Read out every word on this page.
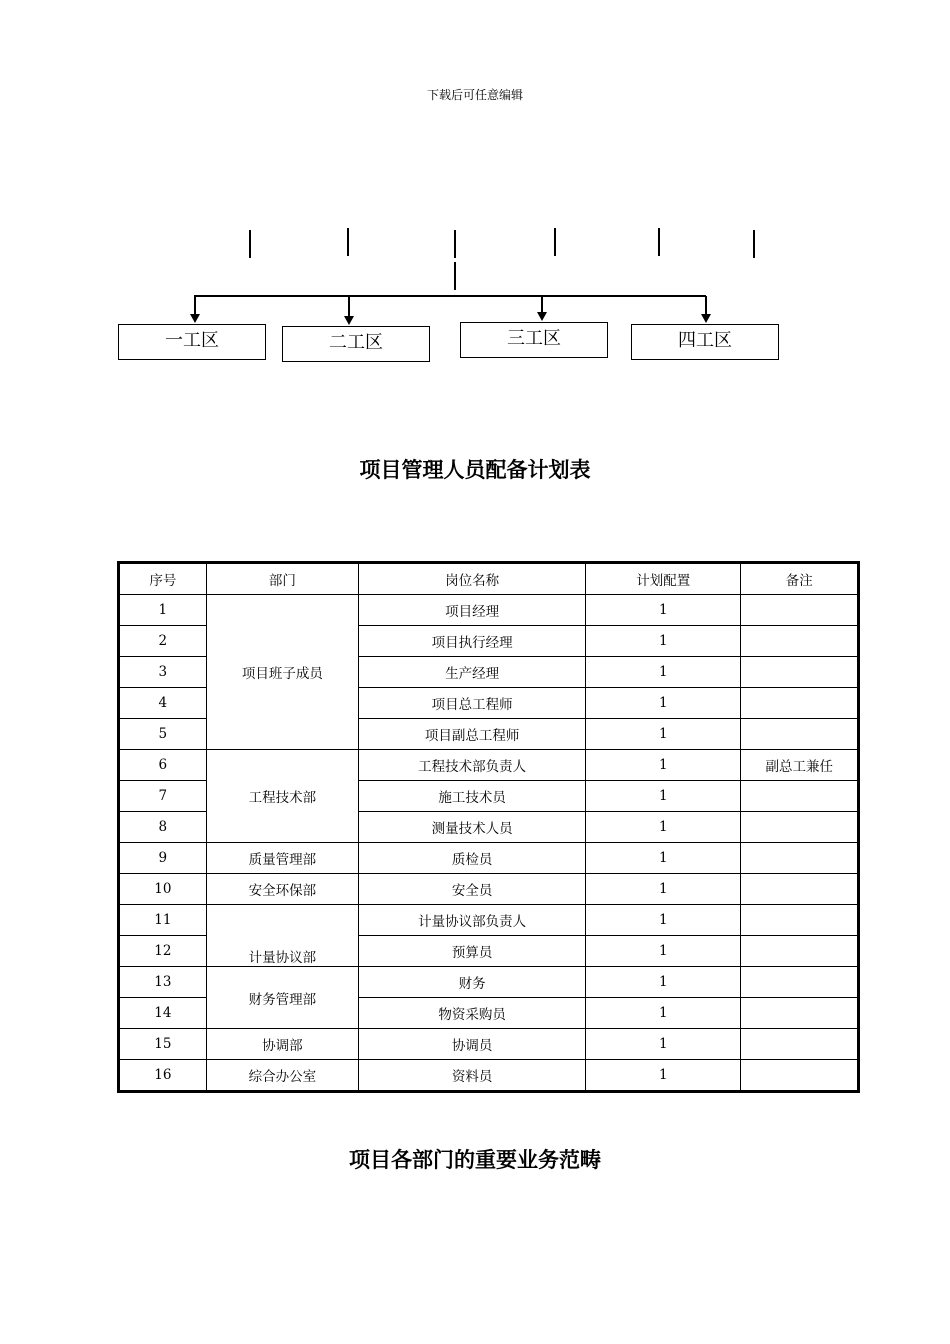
下载后可任意编辑
一工区	二工区	三工区	四工区
项目管理人员配备计划表
序号	部门	岗位名称	计划配置	备注
1	项目班子成员	项目经理	1	
2		项目执行经理	1	
3		生产经理	1	
4		项目总工程师	1	
5		项目副总工程师	1	
6	工程技术部	工程技术部负责人	1	副总工兼任
7		施工技术员	1	
8		测量技术人员	1	
9	质量管理部	质检员	1	
10	安全环保部	安全员	1	
11	计量协议部	计量协议部负责人	1	
12		预算员	1	
13	财务管理部	财务	1	
14		物资采购员	1	
15	协调部	协调员	1	
16	综合办公室	资料员	1	
项目各部门的重要业务范畴
